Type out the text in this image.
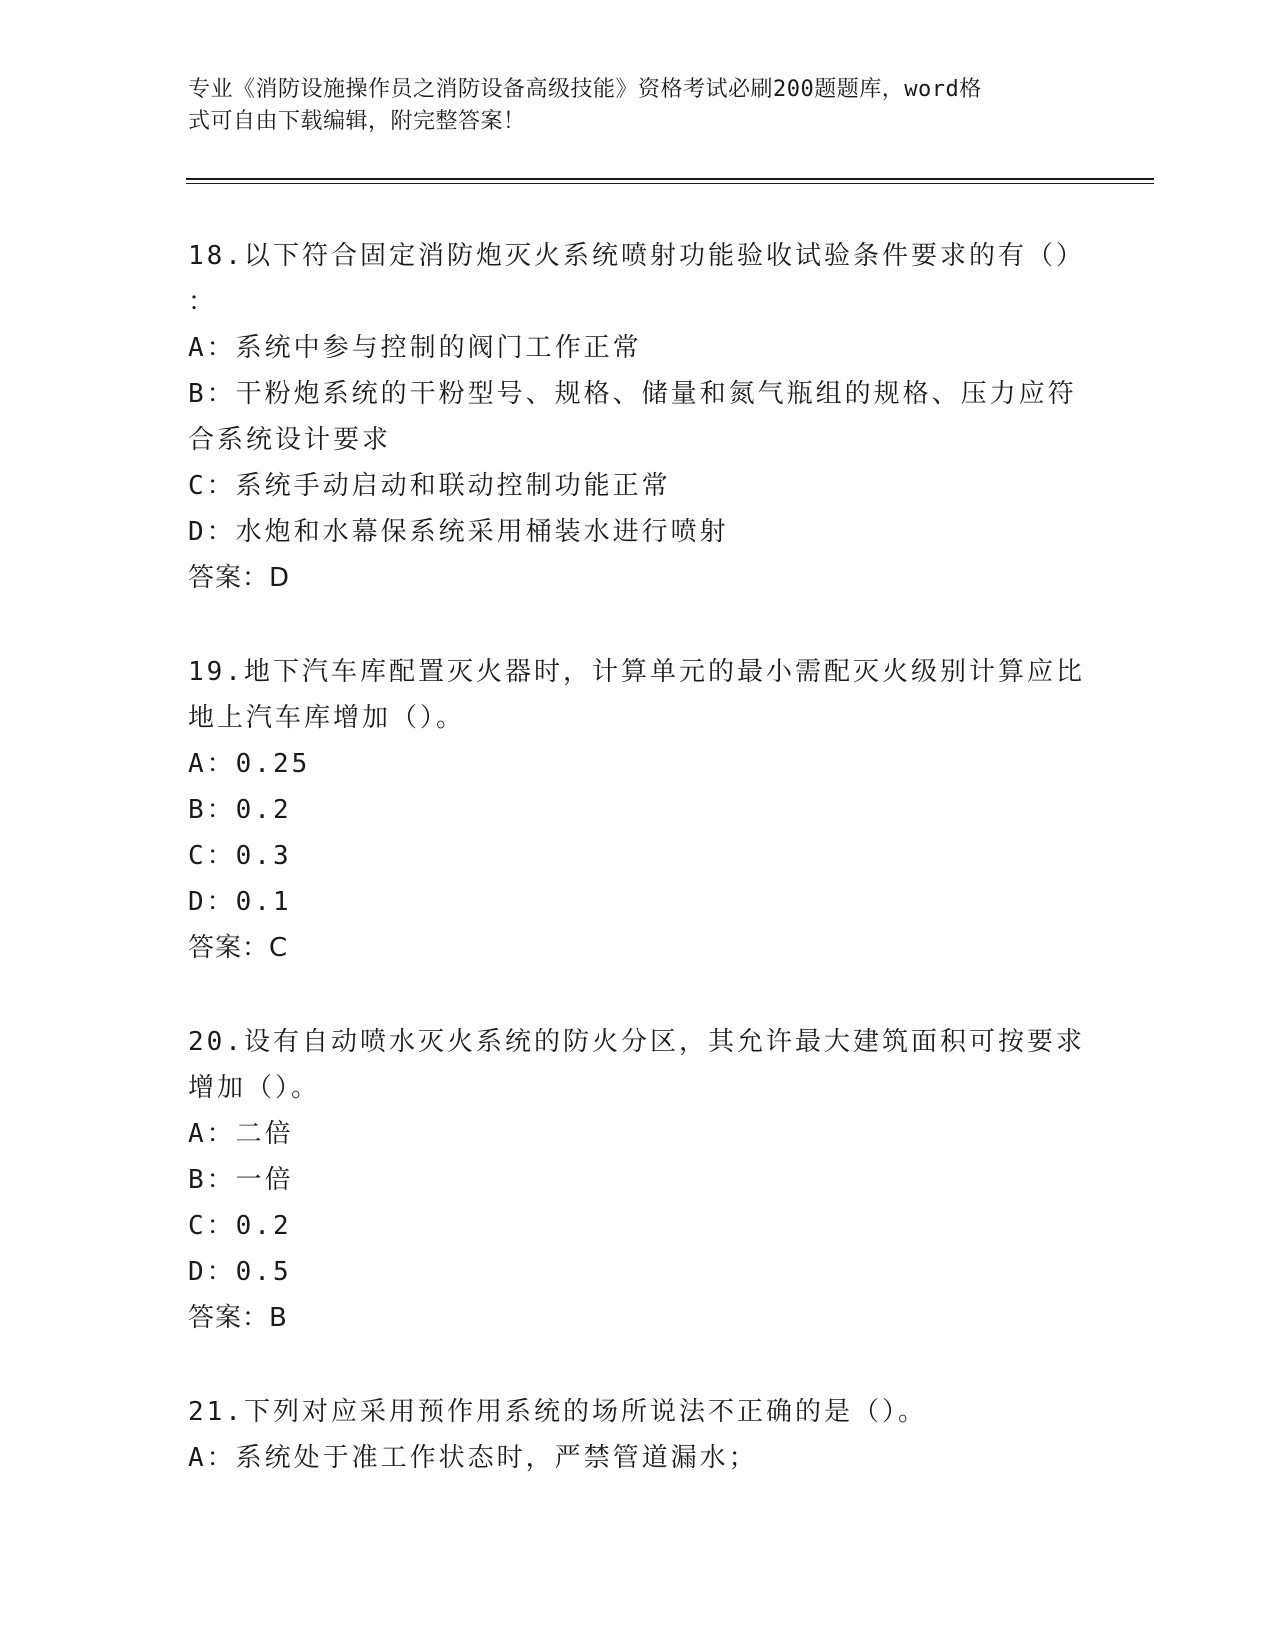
专业《消防设施操作员之消防设备高级技能》资格考试必刷200题题库，word格
式可自由下载编辑，附完整答案！
18.以下符合固定消防炮灭火系统喷射功能验收试验条件要求的有（）
：
A：系统中参与控制的阀门工作正常
B：干粉炮系统的干粉型号、规格、储量和氮气瓶组的规格、压力应符
合系统设计要求
C：系统手动启动和联动控制功能正常
D：水炮和水幕保系统采用桶装水进行喷射
答案：D
19.地下汽车库配置灭火器时，计算单元的最小需配灭火级别计算应比
地上汽车库增加（）。
A：0.25
B：0.2
C：0.3
D：0.1
答案：C
20.设有自动喷水灭火系统的防火分区，其允许最大建筑面积可按要求
增加（）。
A：二倍
B：一倍
C：0.2
D：0.5
答案：B
21.下列对应采用预作用系统的场所说法不正确的是（）。
A：系统处于准工作状态时，严禁管道漏水；
